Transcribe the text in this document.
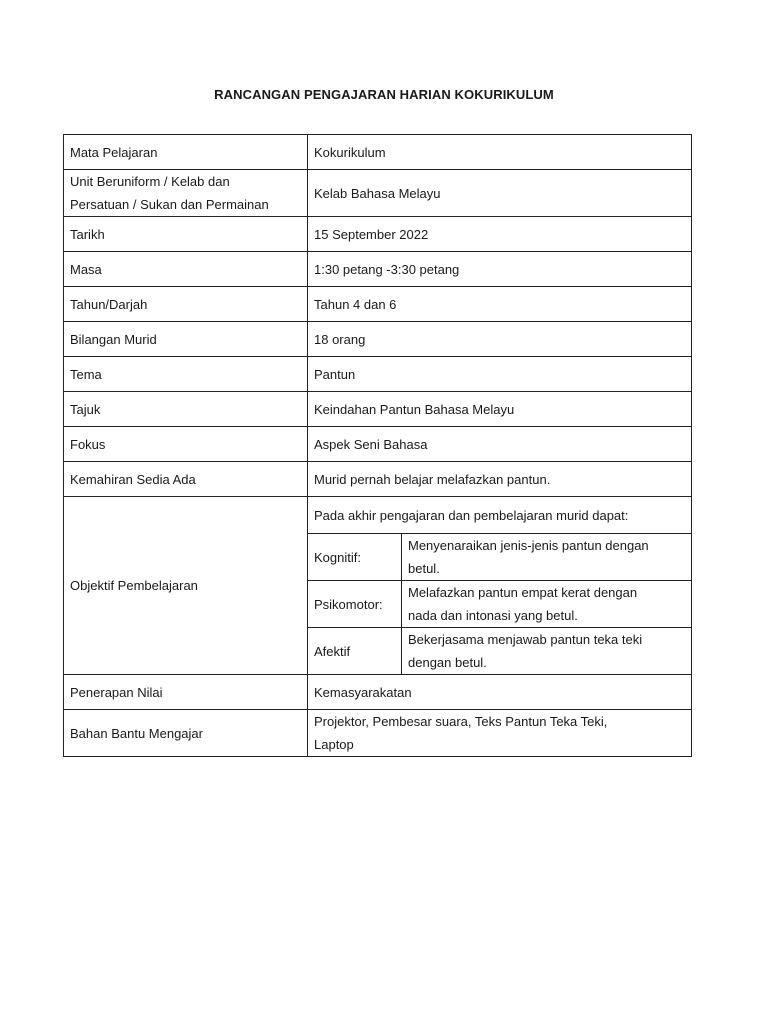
RANCANGAN PENGAJARAN HARIAN KOKURIKULUM
Mata Pelajaran	Kokurikulum	
Unit Beruniform / Kelab dan
Persatuan / Sukan dan Permainan	Kelab Bahasa Melayu	
Tarikh	15 September 2022	
Masa	1:30 petang -3:30 petang	
Tahun/Darjah	Tahun 4 dan 6	
Bilangan Murid	18 orang	
Tema	Pantun	
Tajuk	Keindahan Pantun Bahasa Melayu	
Fokus	Aspek Seni Bahasa	
Kemahiran Sedia Ada	Murid pernah belajar melafazkan pantun.	
Objektif Pembelajaran	Pada akhir pengajaran dan pembelajaran murid dapat:	
	Kognitif:	Menyenaraikan jenis-jenis pantun dengan
betul.
	Psikomotor:	Melafazkan pantun empat kerat dengan
nada dan intonasi yang betul.
	Afektif	Bekerjasama menjawab pantun teka teki
dengan betul.
Penerapan Nilai	Kemasyarakatan	
Bahan Bantu Mengajar	Projektor, Pembesar suara, Teks Pantun Teka Teki,
Laptop	
